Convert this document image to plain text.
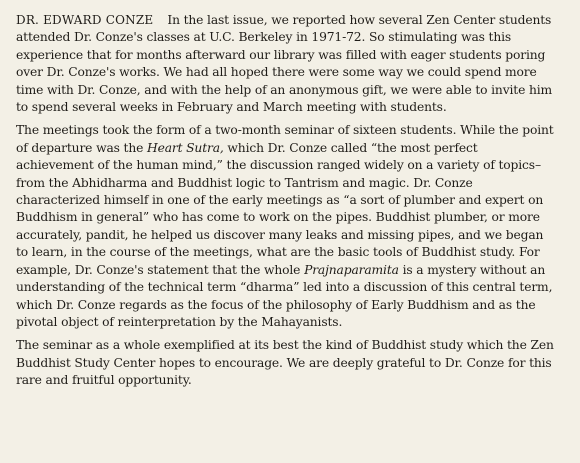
DR. EDWARD CONZE In the last issue, we reported how several Zen Center students attended Dr. Conze's classes at U.C. Berkeley in 1971-72. So stimulating was this experience that for months afterward our library was filled with eager students poring over Dr. Conze's works. We had all hoped there were some way we could spend more time with Dr. Conze, and with the help of an anonymous gift, we were able to invite him to spend several weeks in February and March meeting with students.

The meetings took the form of a two-month seminar of sixteen students. While the point of departure was the Heart Sutra, which Dr. Conze called “the most perfect achievement of the human mind,” the discussion ranged widely on a variety of topics–from the Abhidharma and Buddhist logic to Tantrism and magic. Dr. Conze characterized himself in one of the early meetings as “a sort of plumber and expert on Buddhism in general” who has come to work on the pipes. Buddhist plumber, or more accurately, pandit, he helped us discover many leaks and missing pipes, and we began to learn, in the course of the meetings, what are the basic tools of Buddhist study. For example, Dr. Conze's statement that the whole Prajnaparamita is a mystery without an understanding of the technical term “dharma” led into a discussion of this central term, which Dr. Conze regards as the focus of the philosophy of Early Buddhism and as the pivotal object of reinterpretation by the Mahayanists.

The seminar as a whole exemplified at its best the kind of Buddhist study which the Zen Buddhist Study Center hopes to encourage. We are deeply grateful to Dr. Conze for this rare and fruitful opportunity.
